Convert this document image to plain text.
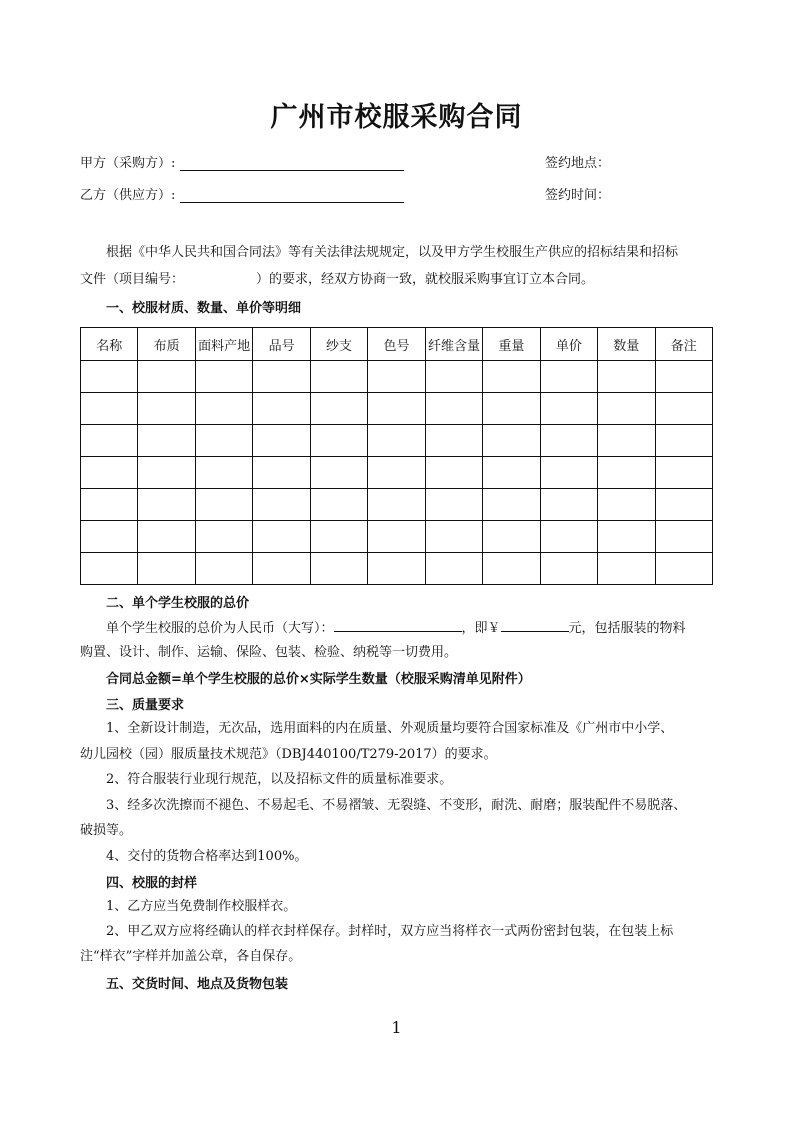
广州市校服采购合同
甲方（采购方）:	签约地点：
乙方（供应方）:	签约时间：
根据《中华人民共和国合同法》等有关法律法规规定，以及甲方学生校服生产供应的招标结果和招标
文件（项目编号：	）的要求，经双方协商一致，就校服采购事宜订立本合同。
一、校服材质、数量、单价等明细
名称	布质	面料产地	品号	纱支	色号	纤维含量	重量	单价	数量	备注

二、单个学生校服的总价
单个学生校服的总价为人民币（大写）：	，即￥	元，包括服装的物料
购置、设计、制作、运输、保险、包装、检验、纳税等一切费用。
合同总金额=单个学生校服的总价×实际学生数量（校服采购清单见附件）
三、质量要求
1、全新设计制造，无次品，选用面料的内在质量、外观质量均要符合国家标准及《广州市中小学、
幼儿园校（园）服质量技术规范》（DBJ440100/T279-2017）的要求。
2、符合服装行业现行规范，以及招标文件的质量标准要求。
3、经多次洗擦而不褪色、不易起毛、不易褶皱、无裂缝、不变形，耐洗、耐磨；服装配件不易脱落、
破损等。
4、交付的货物合格率达到100%。
四、校服的封样
1、乙方应当免费制作校服样衣。
2、甲乙双方应将经确认的样衣封样保存。封样时，双方应当将样衣一式两份密封包装，在包装上标
注“样衣”字样并加盖公章，各自保存。
五、交货时间、地点及货物包装
1
